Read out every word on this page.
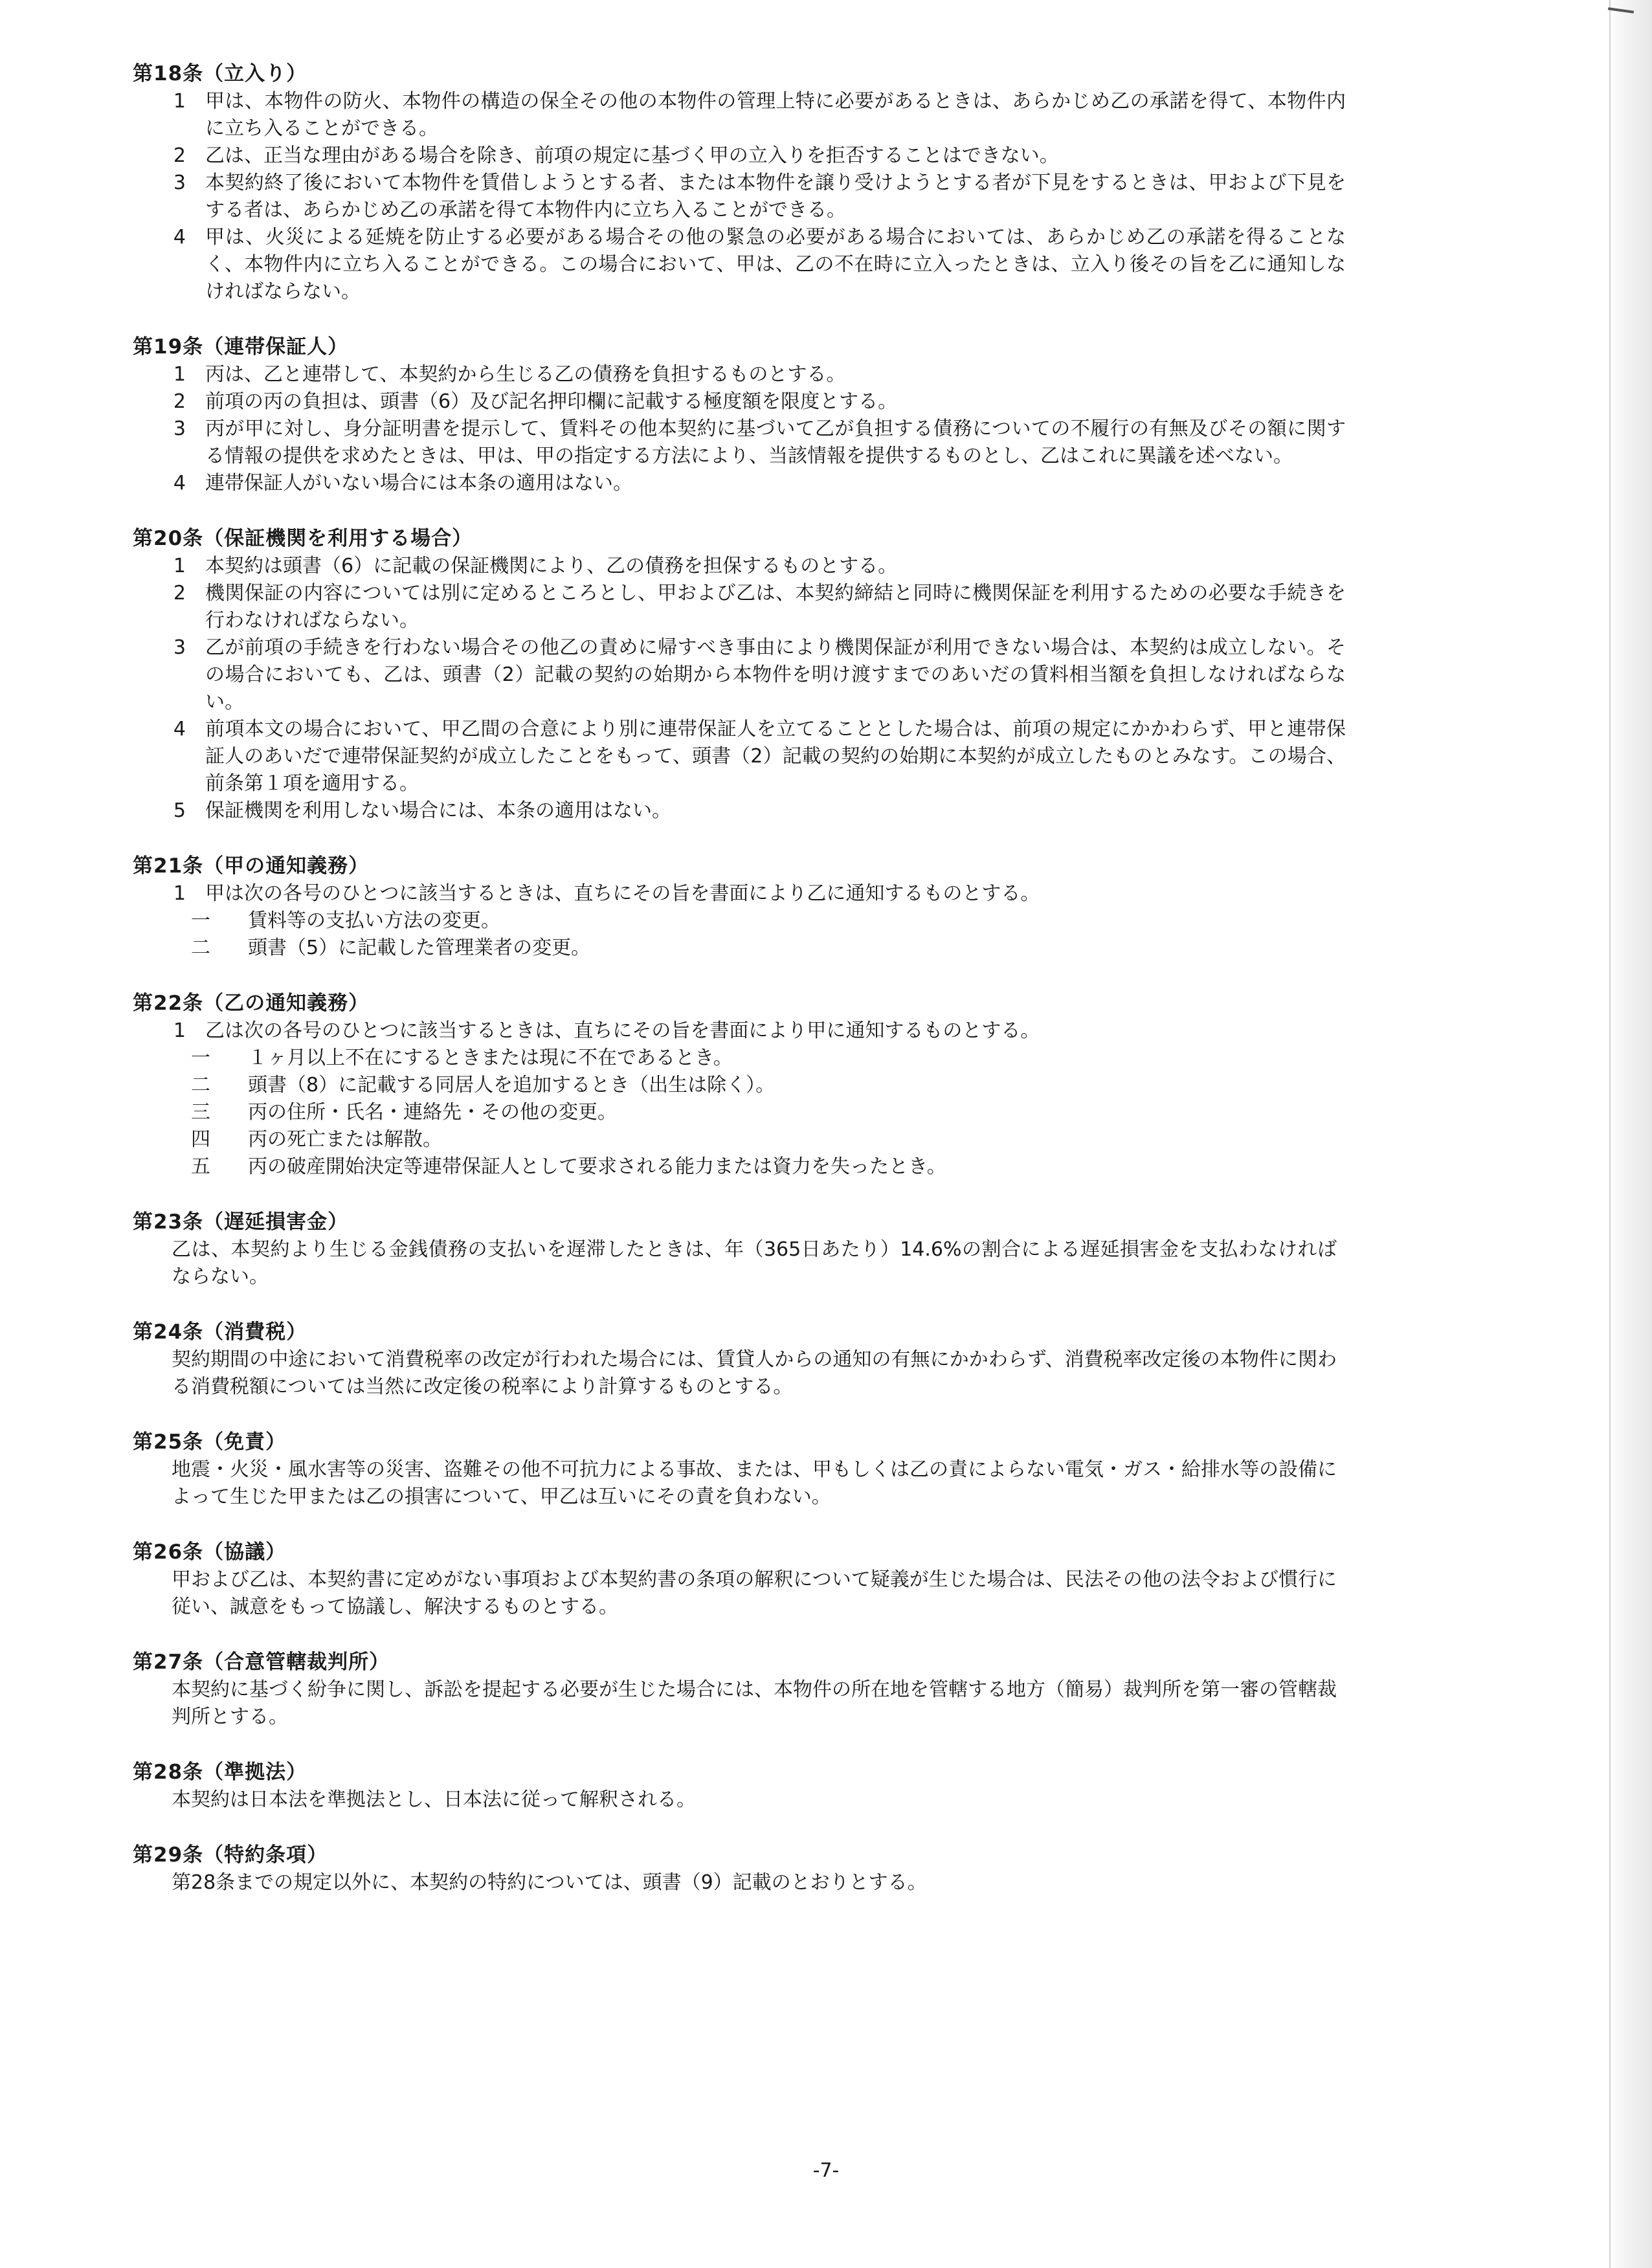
第18条（立入り）
1	甲は、本物件の防火、本物件の構造の保全その他の本物件の管理上特に必要があるときは、あらかじめ乙の承諾を得て、本物件内に立ち入ることができる。
2	乙は、正当な理由がある場合を除き、前項の規定に基づく甲の立入りを拒否することはできない。
3	本契約終了後において本物件を賃借しようとする者、または本物件を譲り受けようとする者が下見をするときは、甲および下見をする者は、あらかじめ乙の承諾を得て本物件内に立ち入ることができる。
4	甲は、火災による延焼を防止する必要がある場合その他の緊急の必要がある場合においては、あらかじめ乙の承諾を得ることなく、本物件内に立ち入ることができる。この場合において、甲は、乙の不在時に立入ったときは、立入り後その旨を乙に通知しなければならない。
第19条（連帯保証人）
1	丙は、乙と連帯して、本契約から生じる乙の債務を負担するものとする。
2	前項の丙の負担は、頭書（6）及び記名押印欄に記載する極度額を限度とする。
3	丙が甲に対し、身分証明書を提示して、賃料その他本契約に基づいて乙が負担する債務についての不履行の有無及びその額に関する情報の提供を求めたときは、甲は、甲の指定する方法により、当該情報を提供するものとし、乙はこれに異議を述べない。
4	連帯保証人がいない場合には本条の適用はない。
第20条（保証機関を利用する場合）
1	本契約は頭書（6）に記載の保証機関により、乙の債務を担保するものとする。
2	機関保証の内容については別に定めるところとし、甲および乙は、本契約締結と同時に機関保証を利用するための必要な手続きを行わなければならない。
3	乙が前項の手続きを行わない場合その他乙の責めに帰すべき事由により機関保証が利用できない場合は、本契約は成立しない。その場合においても、乙は、頭書（2）記載の契約の始期から本物件を明け渡すまでのあいだの賃料相当額を負担しなければならない。
4	前項本文の場合において、甲乙間の合意により別に連帯保証人を立てることとした場合は、前項の規定にかかわらず、甲と連帯保証人のあいだで連帯保証契約が成立したことをもって、頭書（2）記載の契約の始期に本契約が成立したものとみなす。この場合、前条第１項を適用する。
5	保証機関を利用しない場合には、本条の適用はない。
第21条（甲の通知義務）
1	甲は次の各号のひとつに該当するときは、直ちにその旨を書面により乙に通知するものとする。
一	賃料等の支払い方法の変更。
二	頭書（5）に記載した管理業者の変更。
第22条（乙の通知義務）
1	乙は次の各号のひとつに該当するときは、直ちにその旨を書面により甲に通知するものとする。
一	１ヶ月以上不在にするときまたは現に不在であるとき。
二	頭書（8）に記載する同居人を追加するとき（出生は除く）。
三	丙の住所・氏名・連絡先・その他の変更。
四	丙の死亡または解散。
五	丙の破産開始決定等連帯保証人として要求される能力または資力を失ったとき。
第23条（遅延損害金）
乙は、本契約より生じる金銭債務の支払いを遅滞したときは、年（365日あたり）14.6%の割合による遅延損害金を支払わなければならない。
第24条（消費税）
契約期間の中途において消費税率の改定が行われた場合には、賃貸人からの通知の有無にかかわらず、消費税率改定後の本物件に関わる消費税額については当然に改定後の税率により計算するものとする。
第25条（免責）
地震・火災・風水害等の災害、盗難その他不可抗力による事故、または、甲もしくは乙の責によらない電気・ガス・給排水等の設備によって生じた甲または乙の損害について、甲乙は互いにその責を負わない。
第26条（協議）
甲および乙は、本契約書に定めがない事項および本契約書の条項の解釈について疑義が生じた場合は、民法その他の法令および慣行に従い、誠意をもって協議し、解決するものとする。
第27条（合意管轄裁判所）
本契約に基づく紛争に関し、訴訟を提起する必要が生じた場合には、本物件の所在地を管轄する地方（簡易）裁判所を第一審の管轄裁判所とする。
第28条（準拠法）
本契約は日本法を準拠法とし、日本法に従って解釈される。
第29条（特約条項）
第28条までの規定以外に、本契約の特約については、頭書（9）記載のとおりとする。
-7-
